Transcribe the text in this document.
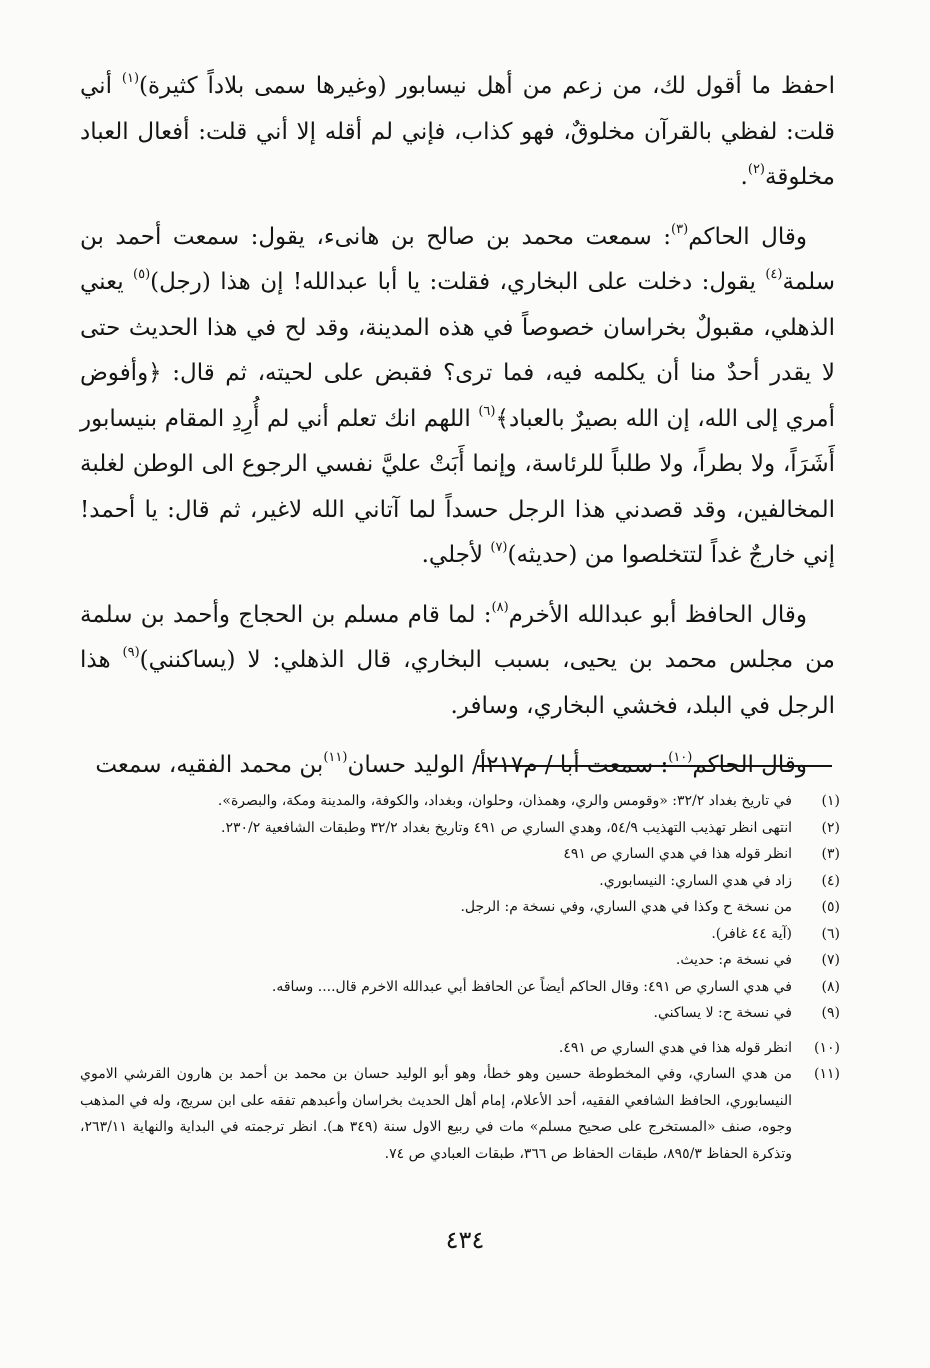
احفظ ما أقول لك، من زعم من أهل نيسابور (وغيرها سمى بلاداً كثيرة)$^{(١)}$ أني قلت: لفظي بالقرآن مخلوقٌ، فهو كذاب، فإني لم أقله إلا أني قلت: أفعال العباد مخلوقة$^{(٢)}$.

وقال الحاكم$^{(٣)}$: سمعت محمد بن صالح بن هانىء، يقول: سمعت أحمد بن سلمة$^{(٤)}$ يقول: دخلت على البخاري، فقلت: يا أبا عبدالله! إن هذا (رجل)$^{(٥)}$ يعني الذهلي، مقبولٌ بخراسان خصوصاً في هذه المدينة، وقد لح في هذا الحديث حتى لا يقدر أحدٌ منا أن يكلمه فيه، فما ترى؟ فقبض على لحيته، ثم قال: ﴿وأفوض أمري إلى الله، إن الله بصيرٌ بالعباد﴾$^{(٦)}$ اللهم انك تعلم أني لم أُرِدِ المقام بنيسابور أَشَرَاً، ولا بطراً، ولا طلباً للرئاسة، وإنما أَبَتْ عليَّ نفسي الرجوع الى الوطن لغلبة المخالفين، وقد قصدني هذا الرجل حسداً لما آتاني الله لاغير، ثم قال: يا أحمد! إني خارجٌ غداً لتتخلصوا من (حديثه)$^{(٧)}$ لأجلي.

وقال الحافظ أبو عبدالله الأخرم$^{(٨)}$: لما قام مسلم بن الحجاج وأحمد بن سلمة من مجلس محمد بن يحيى، بسبب البخاري، قال الذهلي: لا (يساكنني)$^{(٩)}$ هذا الرجل في البلد، فخشي البخاري، وسافر.

وقال الحاكم$^{(١٠)}$: سمعت أبا / م٢١٧أ/ الوليد حسان$^{(١١)}$بن محمد الفقيه، سمعت

(١)
في تاريخ بغداد ٣٢/٢: «وقومس والري، وهمذان، وحلوان، وبغداد، والكوفة، والمدينة ومكة، والبصرة».
(٢)
انتهى انظر تهذيب التهذيب ٥٤/٩، وهدي الساري ص ٤٩١ وتاريخ بغداد ٣٢/٢ وطبقات الشافعية ٢٣٠/٢.
(٣)
انظر قوله هذا في هدي الساري ص ٤٩١
(٤)
زاد في هدي الساري: النيسابوري.
(٥)
من نسخة ح وكذا في هدي الساري، وفي نسخة م: الرجل.
(٦)
(آية ٤٤ غافر).
(٧)
في نسخة م: حديث.
(٨)
في هدي الساري ص ٤٩١: وقال الحاكم أيضاً عن الحافظ أبي عبدالله الاخرم قال.... وساقه.
(٩)
في نسخة ح: لا يساكني.
(١٠)
انظر قوله هذا في هدي الساري ص ٤٩١.
(١١)
من هدي الساري، وفي المخطوطة حسين وهو خطأ، وهو أبو الوليد حسان بن محمد بن أحمد بن هارون القرشي الاموي النيسابوري، الحافظ الشافعي الفقيه، أحد الأعلام، إمام أهل الحديث بخراسان وأعبدهم تفقه على ابن سريج، وله في المذهب وجوه، صنف «المستخرج على صحيح مسلم» مات في ربيع الاول سنة (٣٤٩ هـ). انظر ترجمته في البداية والنهاية ٢٦٣/١١، وتذكرة الحفاظ ٨٩٥/٣، طبقات الحفاظ ص ٣٦٦، طبقات العبادي ص ٧٤.
٤٣٤
